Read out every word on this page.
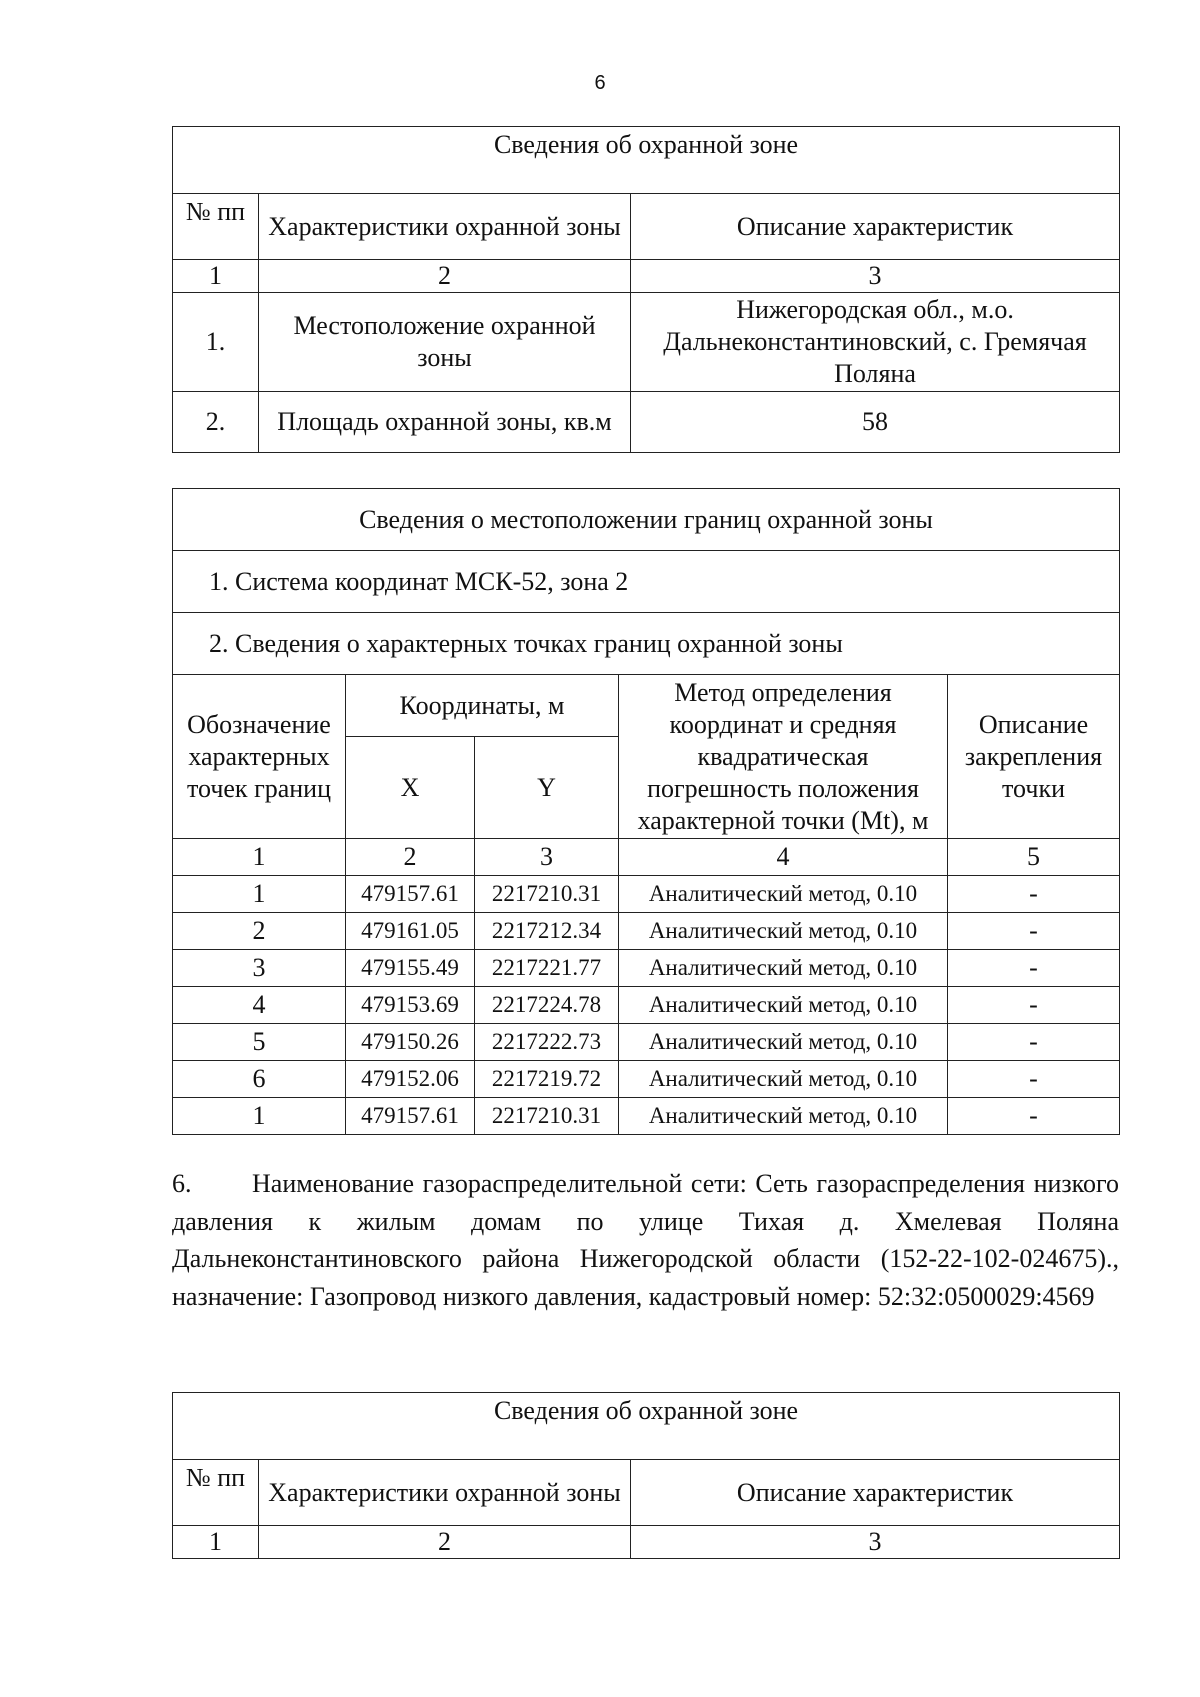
6
Сведения об охранной зоне		
№ пп	Характеристики охранной зоны	Описание характеристик
1	2	3
1.	Местоположение охранной зоны	Нижегородская обл., м.о. Дальнеконстантиновский, с. Гремячая Поляна
2.	Площадь охранной зоны, кв.м	58
Сведения о местоположении границ охранной зоны				
1. Система координат МСК-52, зона 2				
2. Сведения о характерных точках границ охранной зоны				
Обозначение характерных точек границ	Координаты, м		Метод определения координат и средняя квадратическая погрешность положения характерной точки (Mt), м	Описание закрепления точки
	X	Y		
1	2	3	4	5
1	479157.61	2217210.31	Аналитический метод, 0.10	-
2	479161.05	2217212.34	Аналитический метод, 0.10	-
3	479155.49	2217221.77	Аналитический метод, 0.10	-
4	479153.69	2217224.78	Аналитический метод, 0.10	-
5	479150.26	2217222.73	Аналитический метод, 0.10	-
6	479152.06	2217219.72	Аналитический метод, 0.10	-
1	479157.61	2217210.31	Аналитический метод, 0.10	-
6. Наименование газораспределительной сети: Сеть газораспределения низкого давления к жилым домам по улице Тихая д. Хмелевая Поляна Дальнеконстантиновского района Нижегородской области (152-22-102-024675)., назначение: Газопровод низкого давления, кадастровый номер: 52:32:0500029:4569
Сведения об охранной зоне		
№ пп	Характеристики охранной зоны	Описание характеристик
1	2	3
